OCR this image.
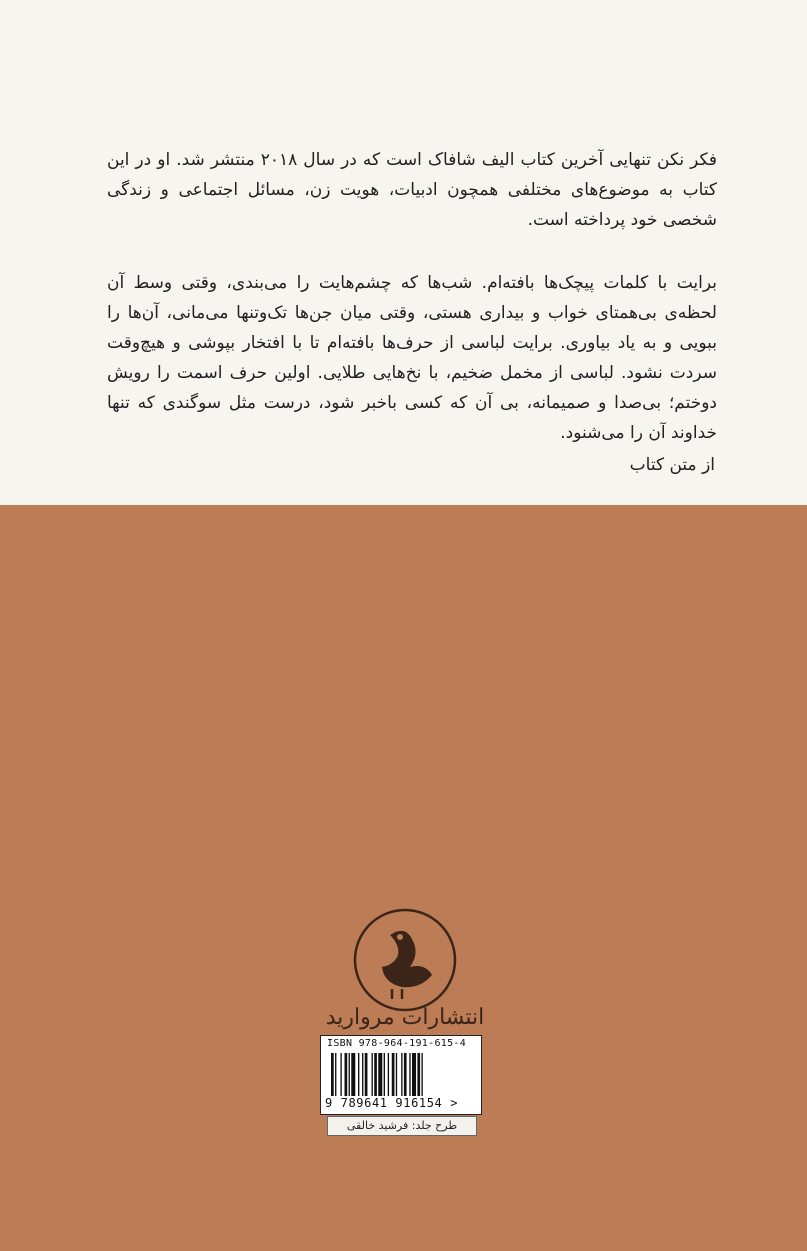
فکر نکن تنهایی آخرین کتاب الیف شافاک است که در سال ۲۰۱۸ منتشر شد. او در این کتاب به موضوع‌های مختلفی همچون ادبیات، هویت زن، مسائل اجتماعی و زندگی شخصی خود پرداخته است.
برایت با کلمات پیچک‌ها بافته‌ام. شب‌ها که چشم‌هایت را می‌بندی، وقتی وسط آن لحظه‌ی بی‌همتای خواب و بیداری هستی، وقتی میان جن‌ها تک‌وتنها می‌مانی، آن‌ها را ببویی و به یاد بیاوری. برایت لباسی از حرف‌ها بافته‌ام تا با افتخار بپوشی و هیچ‌وقت سردت نشود. لباسی از مخمل ضخیم، با نخ‌هایی طلایی. اولین حرف اسمت را رویش دوختم؛ بی‌صدا و صمیمانه، بی آن که کسی باخبر شود، درست مثل سوگندی که تنها خداوند آن را می‌شنود.
از متن کتاب
انتشارات مروارید
ISBN 978-964-191-615-4
9 789641 916154 >
طرح جلد: فرشید خالقی
